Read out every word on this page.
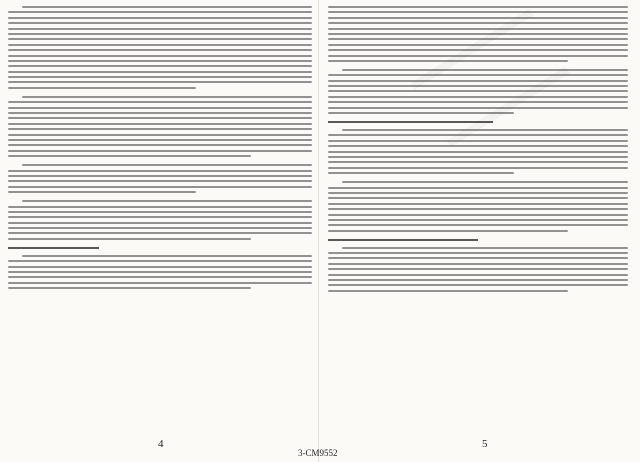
4	5
3-CM9552
